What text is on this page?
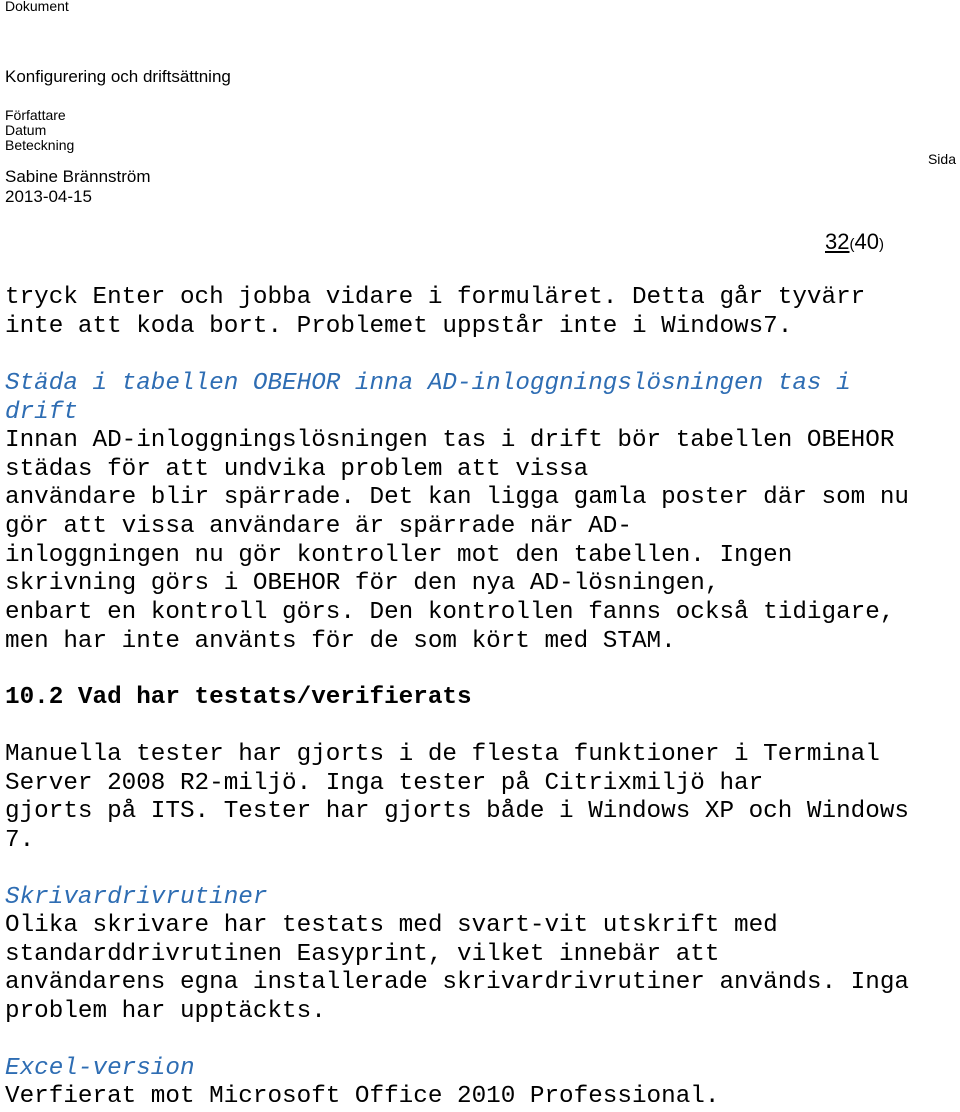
Dokument
Konfigurering och driftsättning
Författare
Datum
Beteckning
Sabine Brännström
2013-04-15
Sida
32(40)
tryck Enter och jobba vidare i formuläret. Detta går tyvärr
inte att koda bort. Problemet uppstår inte i Windows7.
Städa i tabellen OBEHOR inna AD-inloggningslösningen tas i
drift
Innan AD-inloggningslösningen tas i drift bör tabellen OBEHOR
städas för att undvika problem att vissa
användare blir spärrade. Det kan ligga gamla poster där som nu
gör att vissa användare är spärrade när AD-
inloggningen nu gör kontroller mot den tabellen. Ingen
skrivning görs i OBEHOR för den nya AD-lösningen,
enbart en kontroll görs. Den kontrollen fanns också tidigare,
men har inte använts för de som kört med STAM.
10.2 Vad har testats/verifierats
Manuella tester har gjorts i de flesta funktioner i Terminal
Server 2008 R2-miljö. Inga tester på Citrixmiljö har
gjorts på ITS. Tester har gjorts både i Windows XP och Windows
7.
Skrivardrivrutiner
Olika skrivare har testats med svart-vit utskrift med
standarddrivrutinen Easyprint, vilket innebär att
användarens egna installerade skrivardrivrutiner används. Inga
problem har upptäckts.
Excel-version
Verfierat mot Microsoft Office 2010 Professional.
